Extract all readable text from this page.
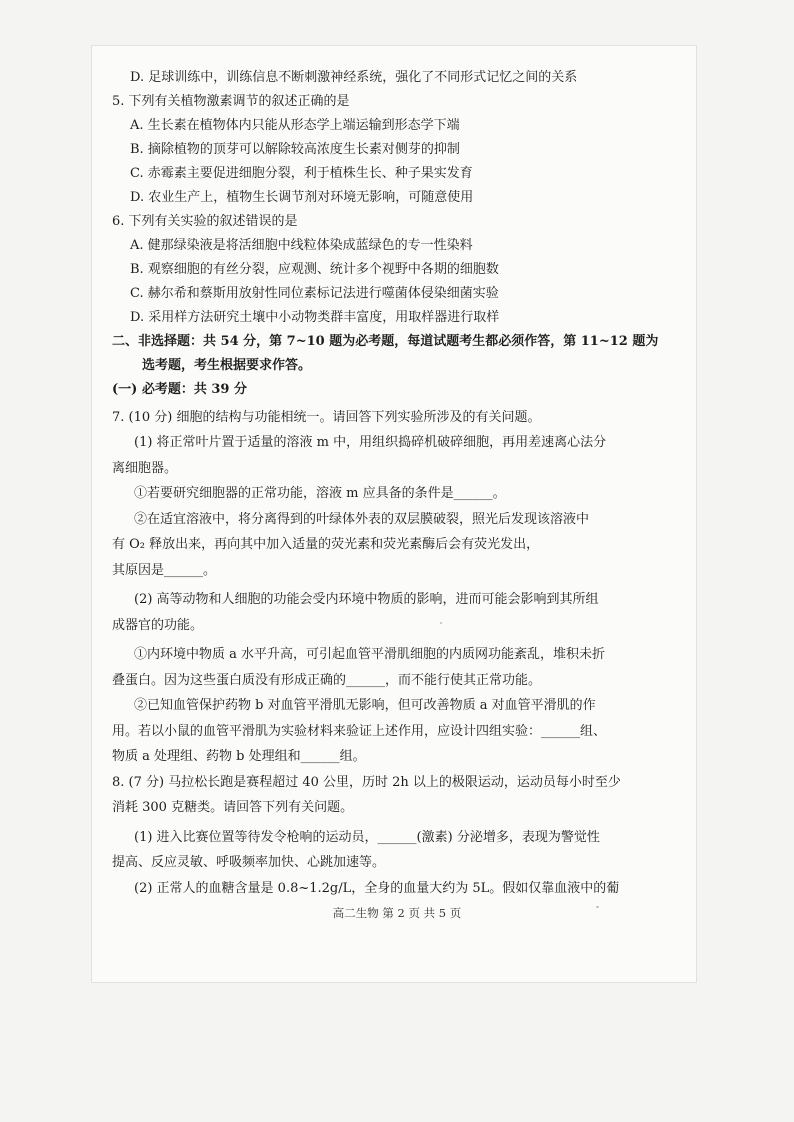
D. 足球训练中，训练信息不断刺激神经系统，强化了不同形式记忆之间的关系
5. 下列有关植物激素调节的叙述正确的是
A. 生长素在植物体内只能从形态学上端运输到形态学下端
B. 摘除植物的顶芽可以解除较高浓度生长素对侧芽的抑制
C. 赤霉素主要促进细胞分裂，利于植株生长、种子果实发育
D. 农业生产上，植物生长调节剂对环境无影响，可随意使用
6. 下列有关实验的叙述错误的是
A. 健那绿染液是将活细胞中线粒体染成蓝绿色的专一性染料
B. 观察细胞的有丝分裂，应观测、统计多个视野中各期的细胞数
C. 赫尔希和蔡斯用放射性同位素标记法进行噬菌体侵染细菌实验
D. 采用样方法研究土壤中小动物类群丰富度，用取样器进行取样
二、非选择题：共 54 分，第 7~10 题为必考题，每道试题考生都必须作答，第 11~12 题为
选考题，考生根据要求作答。
(一) 必考题：共 39 分
7. (10 分) 细胞的结构与功能相统一。请回答下列实验所涉及的有关问题。
(1) 将正常叶片置于适量的溶液 m 中，用组织捣碎机破碎细胞，再用差速离心法分
离细胞器。
①若要研究细胞器的正常功能，溶液 m 应具备的条件是______。
②在适宜溶液中，将分离得到的叶绿体外表的双层膜破裂，照光后发现该溶液中
有 O₂ 释放出来，再向其中加入适量的荧光素和荧光素酶后会有荧光发出，
其原因是______。
(2) 高等动物和人细胞的功能会受内环境中物质的影响，进而可能会影响到其所组
成器官的功能。
①内环境中物质 a 水平升高，可引起血管平滑肌细胞的内质网功能紊乱，堆积未折
叠蛋白。因为这些蛋白质没有形成正确的______，而不能行使其正常功能。
②已知血管保护药物 b 对血管平滑肌无影响，但可改善物质 a 对血管平滑肌的作
用。若以小鼠的血管平滑肌为实验材料来验证上述作用，应设计四组实验：______组、
物质 a 处理组、药物 b 处理组和______组。
8. (7 分) 马拉松长跑是赛程超过 40 公里，历时 2h 以上的极限运动，运动员每小时至少
消耗 300 克糖类。请回答下列有关问题。
(1) 进入比赛位置等待发令枪响的运动员，______(激素) 分泌增多，表现为警觉性
提高、反应灵敏、呼吸频率加快、心跳加速等。
(2) 正常人的血糖含量是 0.8~1.2g/L，全身的血量大约为 5L。假如仅靠血液中的葡
高二生物 第 2 页 共 5 页
